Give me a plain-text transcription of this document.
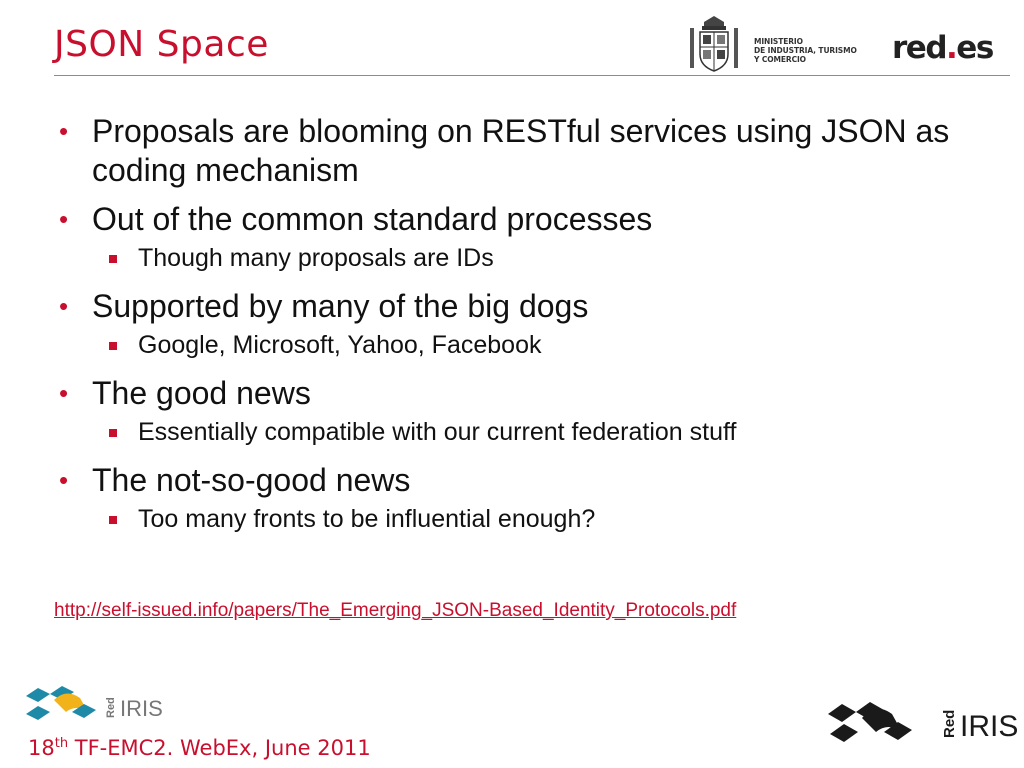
JSON Space	MINISTERIO
DE INDUSTRIA, TURISMO
Y COMERCIO	red.es
• Proposals are blooming on RESTful services using JSON as coding mechanism
• Out of the common standard processes
Though many proposals are IDs
• Supported by many of the big dogs
Google, Microsoft, Yahoo, Facebook
• The good news
Essentially compatible with our current federation stuff
• The not-so-good news
Too many fronts to be influential enough?
http://self-issued.info/papers/The_Emerging_JSON-Based_Identity_Protocols.pdf
Red IRIS
18th TF-EMC2. WebEx, June 2011
Red IRIS
